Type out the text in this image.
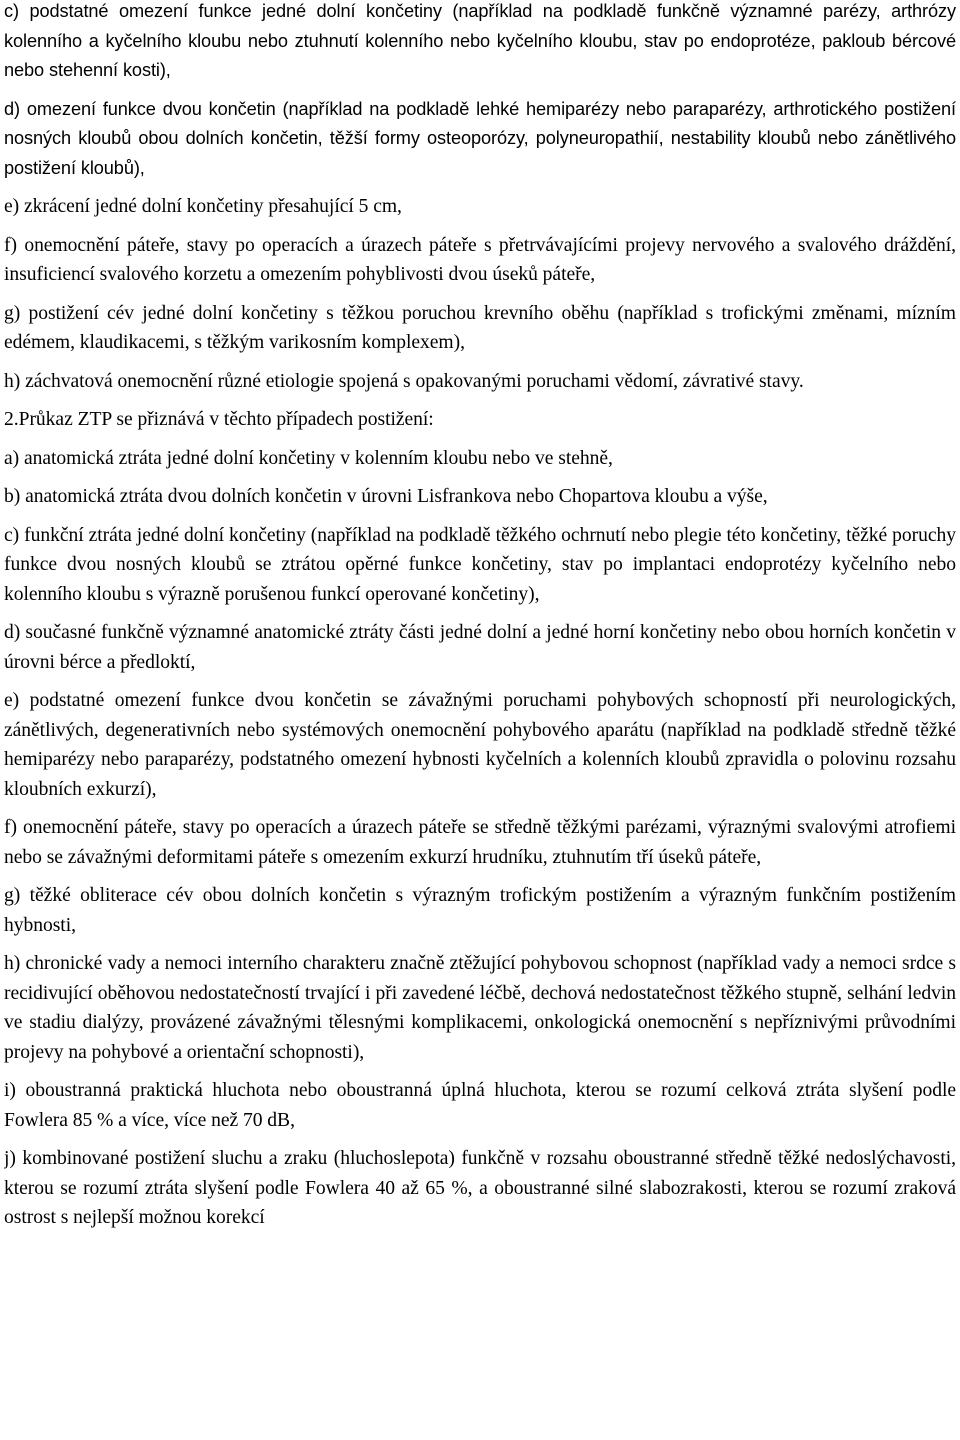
c) podstatné omezení funkce jedné dolní končetiny (například na podkladě funkčně významné parézy, arthrózy kolenního a kyčelního kloubu nebo ztuhnutí kolenního nebo kyčelního kloubu, stav po endoprotéze, pakloub bércové nebo stehenní kosti),

d) omezení funkce dvou končetin (například na podkladě lehké hemiparézy nebo paraparézy, arthrotického postižení nosných kloubů obou dolních končetin, těžší formy osteoporózy, polyneuropathií, nestability kloubů nebo zánětlivého postižení kloubů),

e) zkrácení jedné dolní končetiny přesahující 5 cm,

f) onemocnění páteře, stavy po operacích a úrazech páteře s přetrvávajícími projevy nervového a svalového dráždění, insuficiencí svalového korzetu a omezením pohyblivosti dvou úseků páteře,

g) postižení cév jedné dolní končetiny s těžkou poruchou krevního oběhu (například s trofickými změnami, mízním edémem, klaudikacemi, s těžkým varikosním komplexem),

h) záchvatová onemocnění různé etiologie spojená s opakovanými poruchami vědomí, závrativé stavy.

2.Průkaz ZTP se přiznává v těchto případech postižení:

a) anatomická ztráta jedné dolní končetiny v kolenním kloubu nebo ve stehně,

b) anatomická ztráta dvou dolních končetin v úrovni Lisfrankova nebo Chopartova kloubu a výše,

c) funkční ztráta jedné dolní končetiny (například na podkladě těžkého ochrnutí nebo plegie této končetiny, těžké poruchy funkce dvou nosných kloubů se ztrátou opěrné funkce končetiny, stav po implantaci endoprotézy kyčelního nebo kolenního kloubu s výrazně porušenou funkcí operované končetiny),

d) současné funkčně významné anatomické ztráty části jedné dolní a jedné horní končetiny nebo obou horních končetin v úrovni bérce a předloktí,

e) podstatné omezení funkce dvou končetin se závažnými poruchami pohybových schopností při neurologických, zánětlivých, degenerativních nebo systémových onemocnění pohybového aparátu (například na podkladě středně těžké hemiparézy nebo paraparézy, podstatného omezení hybnosti kyčelních a kolenních kloubů zpravidla o polovinu rozsahu kloubních exkurzí),

f) onemocnění páteře, stavy po operacích a úrazech páteře se středně těžkými parézami, výraznými svalovými atrofiemi nebo se závažnými deformitami páteře s omezením exkurzí hrudníku, ztuhnutím tří úseků páteře,

g) těžké obliterace cév obou dolních končetin s výrazným trofickým postižením a výrazným funkčním postižením hybnosti,

h) chronické vady a nemoci interního charakteru značně ztěžující pohybovou schopnost (například vady a nemoci srdce s recidivující oběhovou nedostatečností trvající i při zavedené léčbě, dechová nedostatečnost těžkého stupně, selhání ledvin ve stadiu dialýzy, provázené závažnými tělesnými komplikacemi, onkologická onemocnění s nepříznivými průvodními projevy na pohybové a orientační schopnosti),

i) oboustranná praktická hluchota nebo oboustranná úplná hluchota, kterou se rozumí celková ztráta slyšení podle Fowlera 85 % a více, více než 70 dB,

j) kombinované postižení sluchu a zraku (hluchoslepota) funkčně v rozsahu oboustranné středně těžké nedoslýchavosti, kterou se rozumí ztráta slyšení podle Fowlera 40 až 65 %, a oboustranné silné slabozrakosti, kterou se rozumí zraková ostrost s nejlepší možnou korekcí
